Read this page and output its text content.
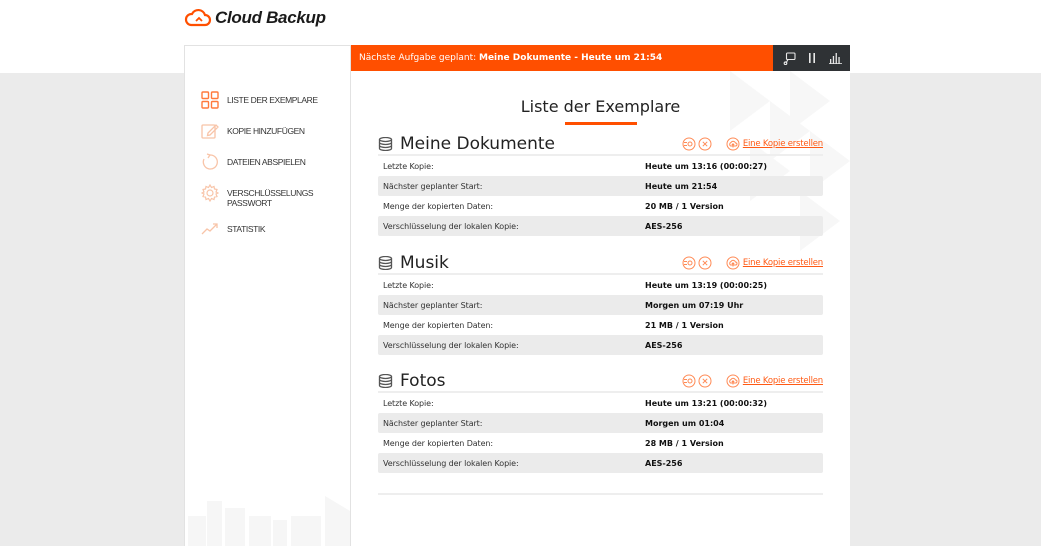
Cloud Backup
LISTE DER EXEMPLARE
KOPIE HINZUFÜGEN
DATEIEN ABSPIELEN
VERSCHLÜSSELUNGS PASSWORT
STATISTIK
Nächste Aufgabe geplant: Meine Dokumente - Heute um 21:54
Liste der Exemplare
Meine Dokumente	Eine Kopie erstellen
Letzte Kopie:	Heute um 13:16 (00:00:27)
Nächster geplanter Start:	Heute um 21:54
Menge der kopierten Daten:	20 MB / 1 Version
Verschlüsselung der lokalen Kopie:	AES-256
Musik	Eine Kopie erstellen
Letzte Kopie:	Heute um 13:19 (00:00:25)
Nächster geplanter Start:	Morgen um 07:19 Uhr
Menge der kopierten Daten:	21 MB / 1 Version
Verschlüsselung der lokalen Kopie:	AES-256
Fotos	Eine Kopie erstellen
Letzte Kopie:	Heute um 13:21 (00:00:32)
Nächster geplanter Start:	Morgen um 01:04
Menge der kopierten Daten:	28 MB / 1 Version
Verschlüsselung der lokalen Kopie:	AES-256
